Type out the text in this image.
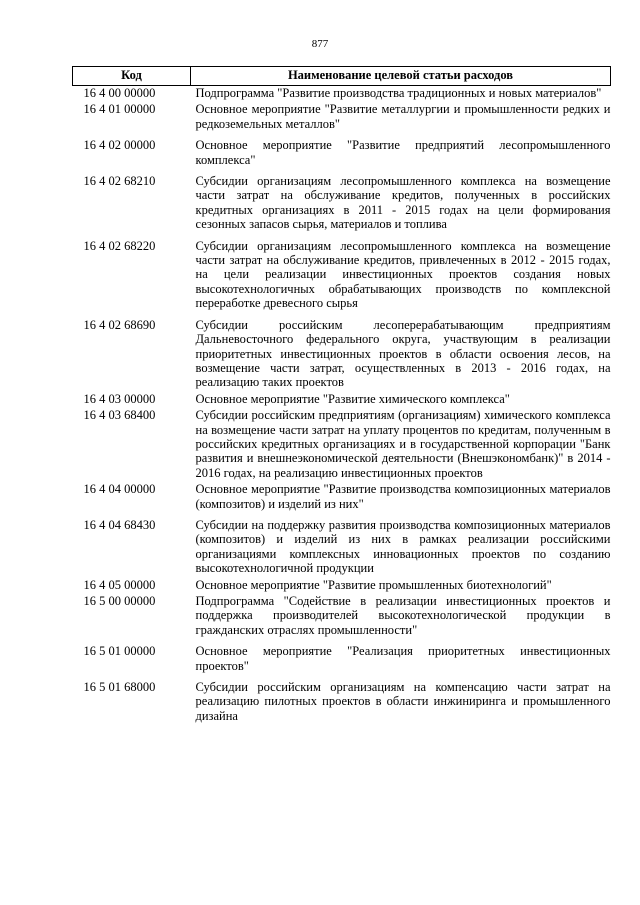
877
Код	Наименование целевой статьи расходов
16 4 00 00000	Подпрограмма "Развитие производства традиционных и новых материалов"
16 4 01 00000	Основное мероприятие "Развитие металлургии и промышленности редких и редкоземельных металлов"
16 4 02 00000	Основное мероприятие "Развитие предприятий лесопромышленного комплекса"
16 4 02 68210	Субсидии организациям лесопромышленного комплекса на возмещение части затрат на обслуживание кредитов, полученных в российских кредитных организациях в 2011 - 2015 годах на цели формирования сезонных запасов сырья, материалов и топлива
16 4 02 68220	Субсидии организациям лесопромышленного комплекса на возмещение части затрат на обслуживание кредитов, привлеченных в 2012 - 2015 годах, на цели реализации инвестиционных проектов создания новых высокотехнологичных обрабатывающих производств по комплексной переработке древесного сырья
16 4 02 68690	Субсидии российским лесоперерабатывающим предприятиям Дальневосточного федерального округа, участвующим в реализации приоритетных инвестиционных проектов в области освоения лесов, на возмещение части затрат, осуществленных в 2013 - 2016 годах, на реализацию таких проектов
16 4 03 00000	Основное мероприятие "Развитие химического комплекса"
16 4 03 68400	Субсидии российским предприятиям (организациям) химического комплекса на возмещение части затрат на уплату процентов по кредитам, полученным в российских кредитных организациях и в государственной корпорации "Банк развития и внешнеэкономической деятельности (Внешэкономбанк)" в 2014 - 2016 годах, на реализацию инвестиционных проектов
16 4 04 00000	Основное мероприятие "Развитие производства композиционных материалов (композитов) и изделий из них"
16 4 04 68430	Субсидии на поддержку развития производства композиционных материалов (композитов) и изделий из них в рамках реализации российскими организациями комплексных инновационных проектов по созданию высокотехнологичной продукции
16 4 05 00000	Основное мероприятие "Развитие промышленных биотехнологий"
16 5 00 00000	Подпрограмма "Содействие в реализации инвестиционных проектов и поддержка производителей высокотехнологической продукции в гражданских отраслях промышленности"
16 5 01 00000	Основное мероприятие "Реализация приоритетных инвестиционных проектов"
16 5 01 68000	Субсидии российским организациям на компенсацию части затрат на реализацию пилотных проектов в области инжиниринга и промышленного дизайна
